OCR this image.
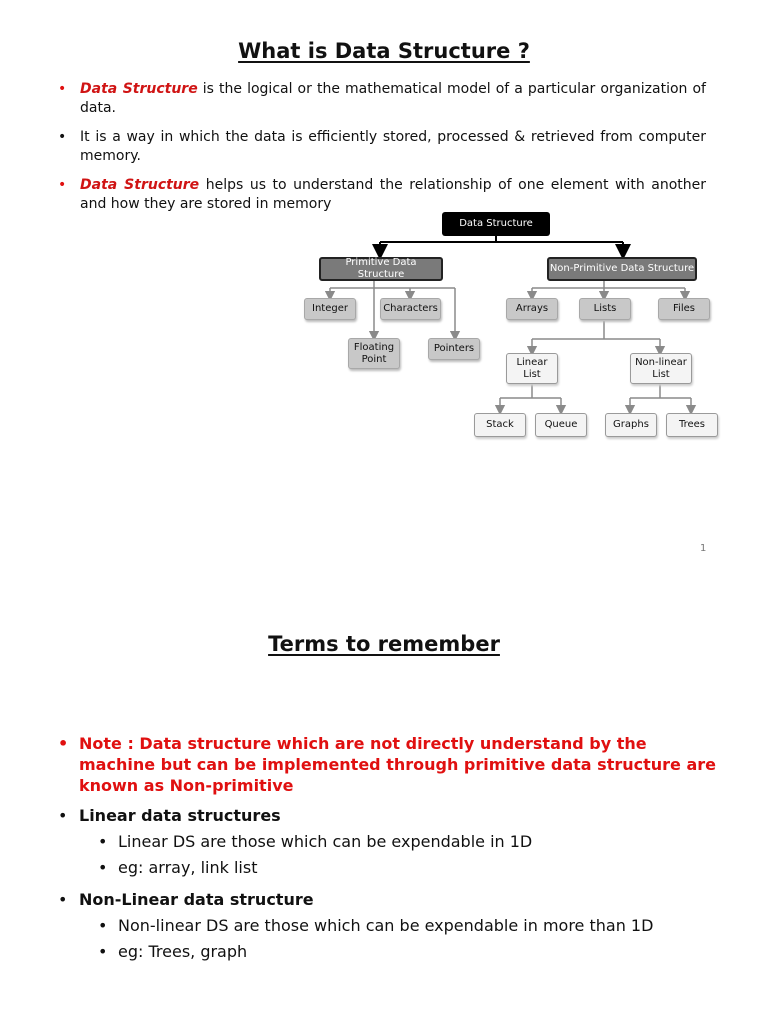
What is Data Structure ?
• Data Structure is the logical or the mathematical model of a particular organization of data.
• It is a way in which the data is efficiently stored, processed & retrieved from computer memory.
• Data Structure helps us to understand the relationship of one element with another and how they are stored in memory
Data Structure
Primitive Data Structure
Non-Primitive Data Structure
Integer	Characters
Floating
Point
Pointers
Arrays	Lists	Files
Linear
List
Non-linear
List
Stack	Queue	Graphs	Trees
1
Terms to remember
• Note : Data structure which are not directly understand by the machine but can be implemented through primitive data structure are known as Non-primitive
• Linear data structures
• Linear DS are those which can be expendable in 1D
• eg: array, link list
• Non-Linear data structure
• Non-linear DS are those which can be expendable in more than 1D
• eg: Trees, graph
